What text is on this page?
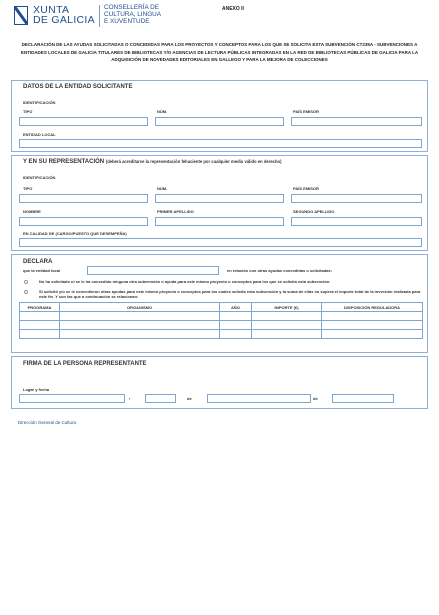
XUNTA
DE GALICIA
CONSELLERÍA DE
CULTURA, LINGUA
E XUVENTUDE
ANEXO II
DECLARACIÓN DE LAS AYUDAS SOLICITADAS O CONCEDIDAS PARA LOS PROYECTOS Y CONCEPTOS PARA LOS QUE SE SOLICITA ESTA SUBVENCIÓN CT235A - SUBVENCIONES A ENTIDADES LOCALES DE GALICIA TITULARES DE BIBLIOTECAS Y/O AGENCIAS DE LECTURA PÚBLICAS INTEGRADAS EN LA RED DE BIBLIOTECAS PÚBLICAS DE GALICIA PARA LA ADQUISICIÓN DE NOVEDADES EDITORIALES EN GALLEGO Y PARA LA MEJORA DE COLECCIONES
DATOS DE LA ENTIDAD SOLICITANTE
IDENTIFICACIÓN
TIPO	NÚM.	PAÍS EMISOR
ENTIDAD LOCAL
Y EN SU REPRESENTACIÓN (deberá acreditarse la representación fehaciente por cualquier medio válido en derecho)
IDENTIFICACIÓN
TIPO	NÚM.	PAÍS EMISOR
NOMBRE	PRIMER APELLIDO	SEGUNDO APELLIDO
EN CALIDAD DE (CARGO/PUESTO QUE DESEMPEÑA)
DECLARA
que la entidad local	en relación con otras ayudas concedidas o solicitadas:
No ha solicitado ni se le ha concedido ninguna otra subvención o ayuda para este mismo proyecto o conceptos para los que se solicita esta subvención.
Si solicitó y/o se le concedieron otras ayudas para este mismo proyecto o conceptos para los cuales solicita esta subvención y la suma de ellas no supera el importe total de la inversión realizada para este fin. Y son las que a continuación se relacionan:
PROGRAMA	ORGANISMO	AÑO	IMPORTE (€)	DISPOSICIÓN REGULADORA

FIRMA DE LA PERSONA REPRESENTANTE
Lugar y fecha
,	de	de
Dirección General de Cultura
